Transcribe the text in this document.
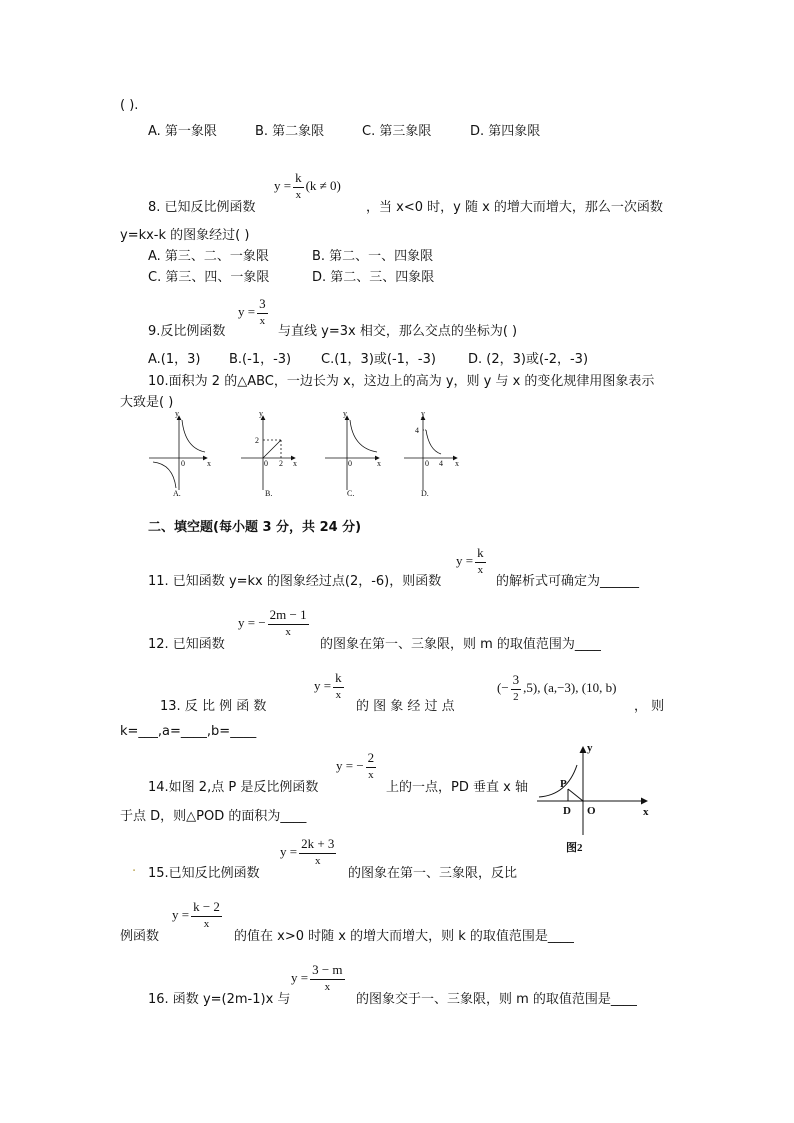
( ).
A. 第一象限	B. 第二象限	C. 第三象限	D. 第四象限
8. 已知反比例函数
$y = \frac{k}{x} (k \ne 0)$
，当 x<0 时，y 随 x 的增大而增大，那么一次函数
y=kx-k 的图象经过( )
A. 第三、二、一象限	B. 第二、一、四象限
C. 第三、四、一象限	D. 第二、三、四象限
9.反比例函数
$y = \frac{3}{x}$
与直线 y=3x 相交，那么交点的坐标为( )
A.(1，3) B.(-1，-3) C.(1，3)或(-1，-3) D. (2，3)或(-2，-3)
10.面积为 2 的△ABC，一边长为 x，这边上的高为 y，则 y 与 x 的变化规律用图象表示
大致是( )
y
x
0
A.
y
x
0
2
2
B.
y
x
0
C.
y
x
0
4
4
D.
二、填空题(每小题 3 分，共 24 分)
11. 已知函数 y=kx 的图象经过点(2，-6)，则函数
$y = \frac{k}{x}$
的解析式可确定为______
12. 已知函数
y = − $\frac{2m - 1}{x}$
的图象在第一、三象限，则 m 的取值范围为____
13. 反 比 例 函 数
$y = \frac{k}{x}$
的 图 象 经 过 点
(− $\frac{3}{2} ,5$), (a,−3), (10, b)
， 则
k=___,a=____,b=____
14.如图 2,点 P 是反比例函数
y = − $\frac{2}{x}$
上的一点，PD 垂直 x 轴
于点 D，则△POD 的面积为____
y
x
P
D O
图2
. 15.已知反比例函数
$y = \frac{2k + 3}{x}$
的图象在第一、三象限，反比
例函数
$y = \frac{k - 2}{x}$
的值在 x>0 时随 x 的增大而增大，则 k 的取值范围是____
16. 函数 y=(2m-1)x 与
$y = \frac{3 - m}{x}$
的图象交于一、三象限，则 m 的取值范围是____
